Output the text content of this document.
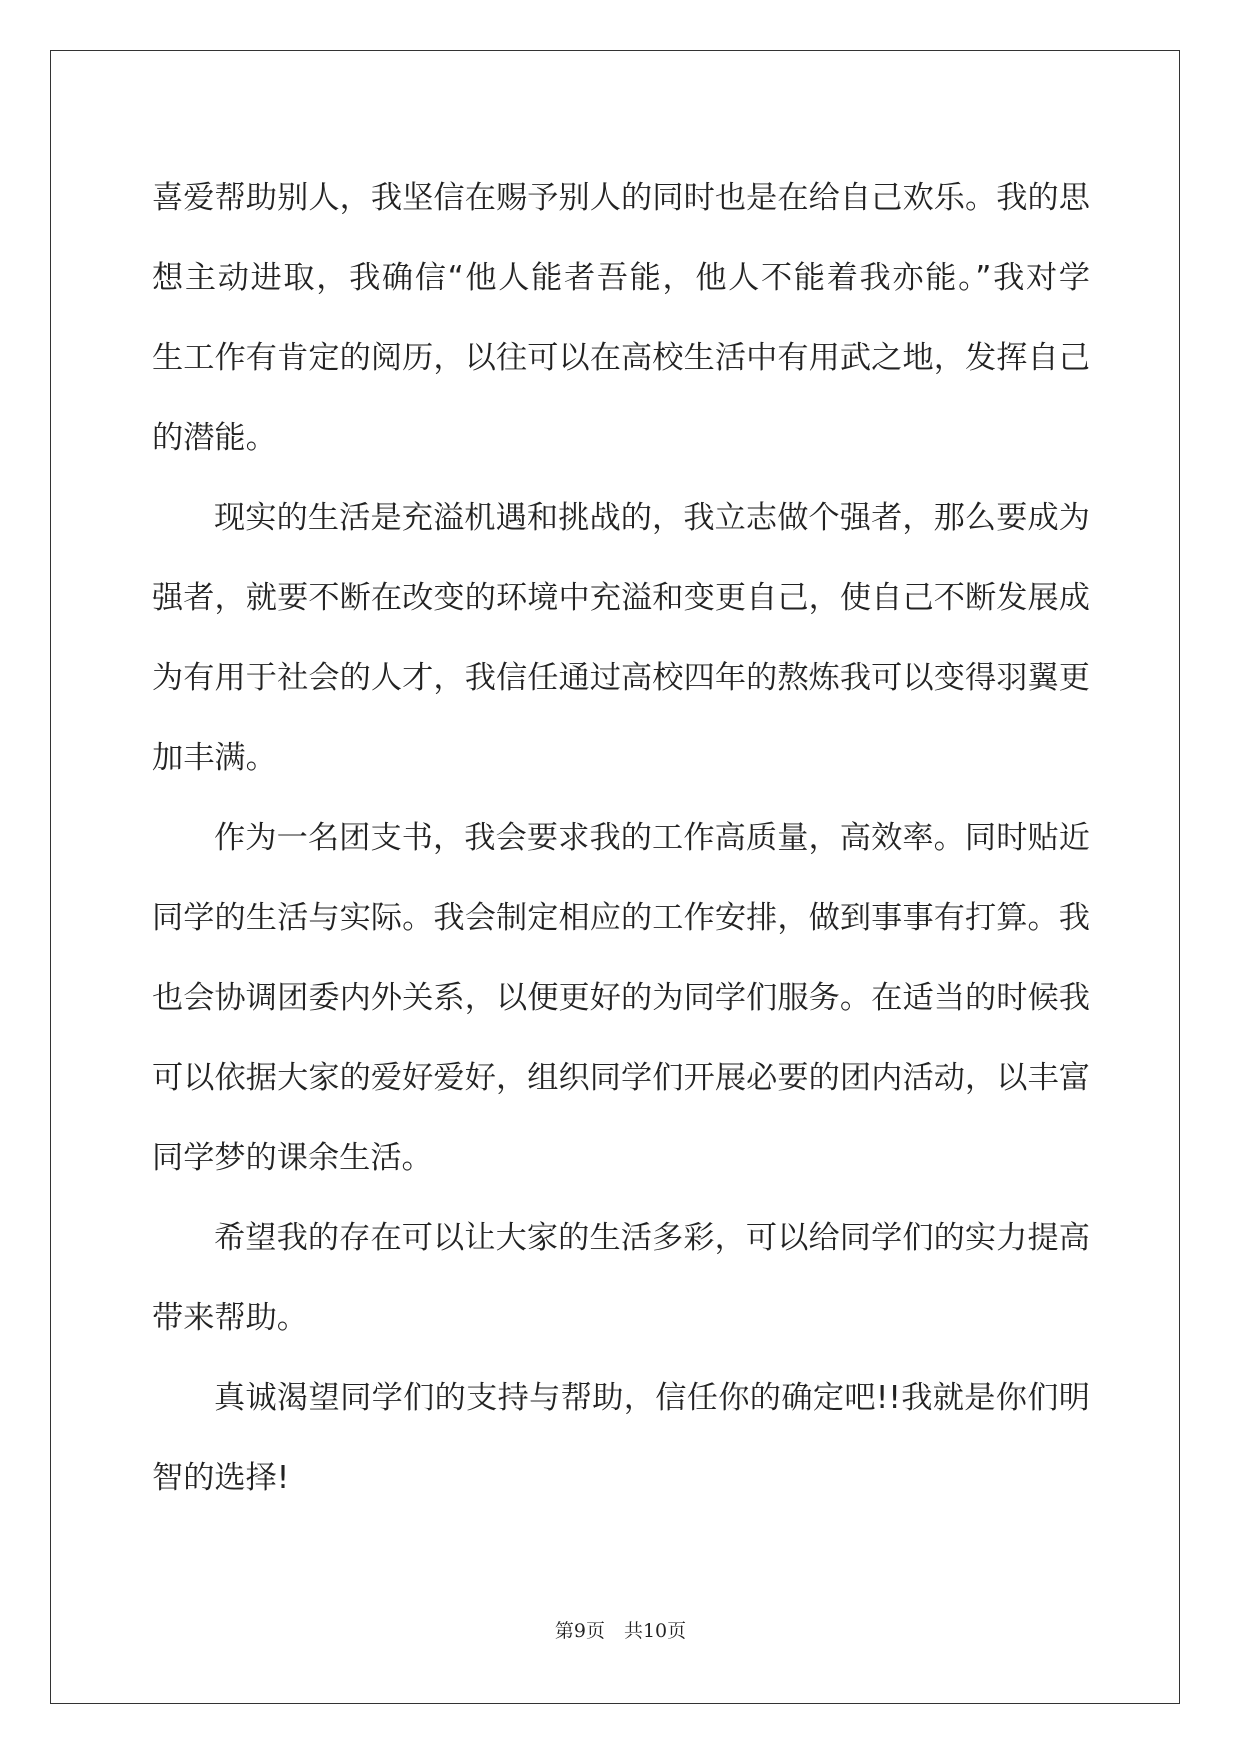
喜爱帮助别人，我坚信在赐予别人的同时也是在给自己欢乐。我的思
想主动进取，我确信“他人能者吾能，他人不能着我亦能。”我对学
生工作有肯定的阅历，以往可以在高校生活中有用武之地，发挥自己
的潜能。

现实的生活是充溢机遇和挑战的，我立志做个强者，那么要成为
强者，就要不断在改变的环境中充溢和变更自己，使自己不断发展成
为有用于社会的人才，我信任通过高校四年的熬炼我可以变得羽翼更
加丰满。

作为一名团支书，我会要求我的工作高质量，高效率。同时贴近
同学的生活与实际。我会制定相应的工作安排，做到事事有打算。我
也会协调团委内外关系，以便更好的为同学们服务。在适当的时候我
可以依据大家的爱好爱好，组织同学们开展必要的团内活动，以丰富
同学梦的课余生活。

希望我的存在可以让大家的生活多彩，可以给同学们的实力提高
带来帮助。

真诚渴望同学们的支持与帮助，信任你的确定吧!!我就是你们明
智的选择!

第9页　共10页
